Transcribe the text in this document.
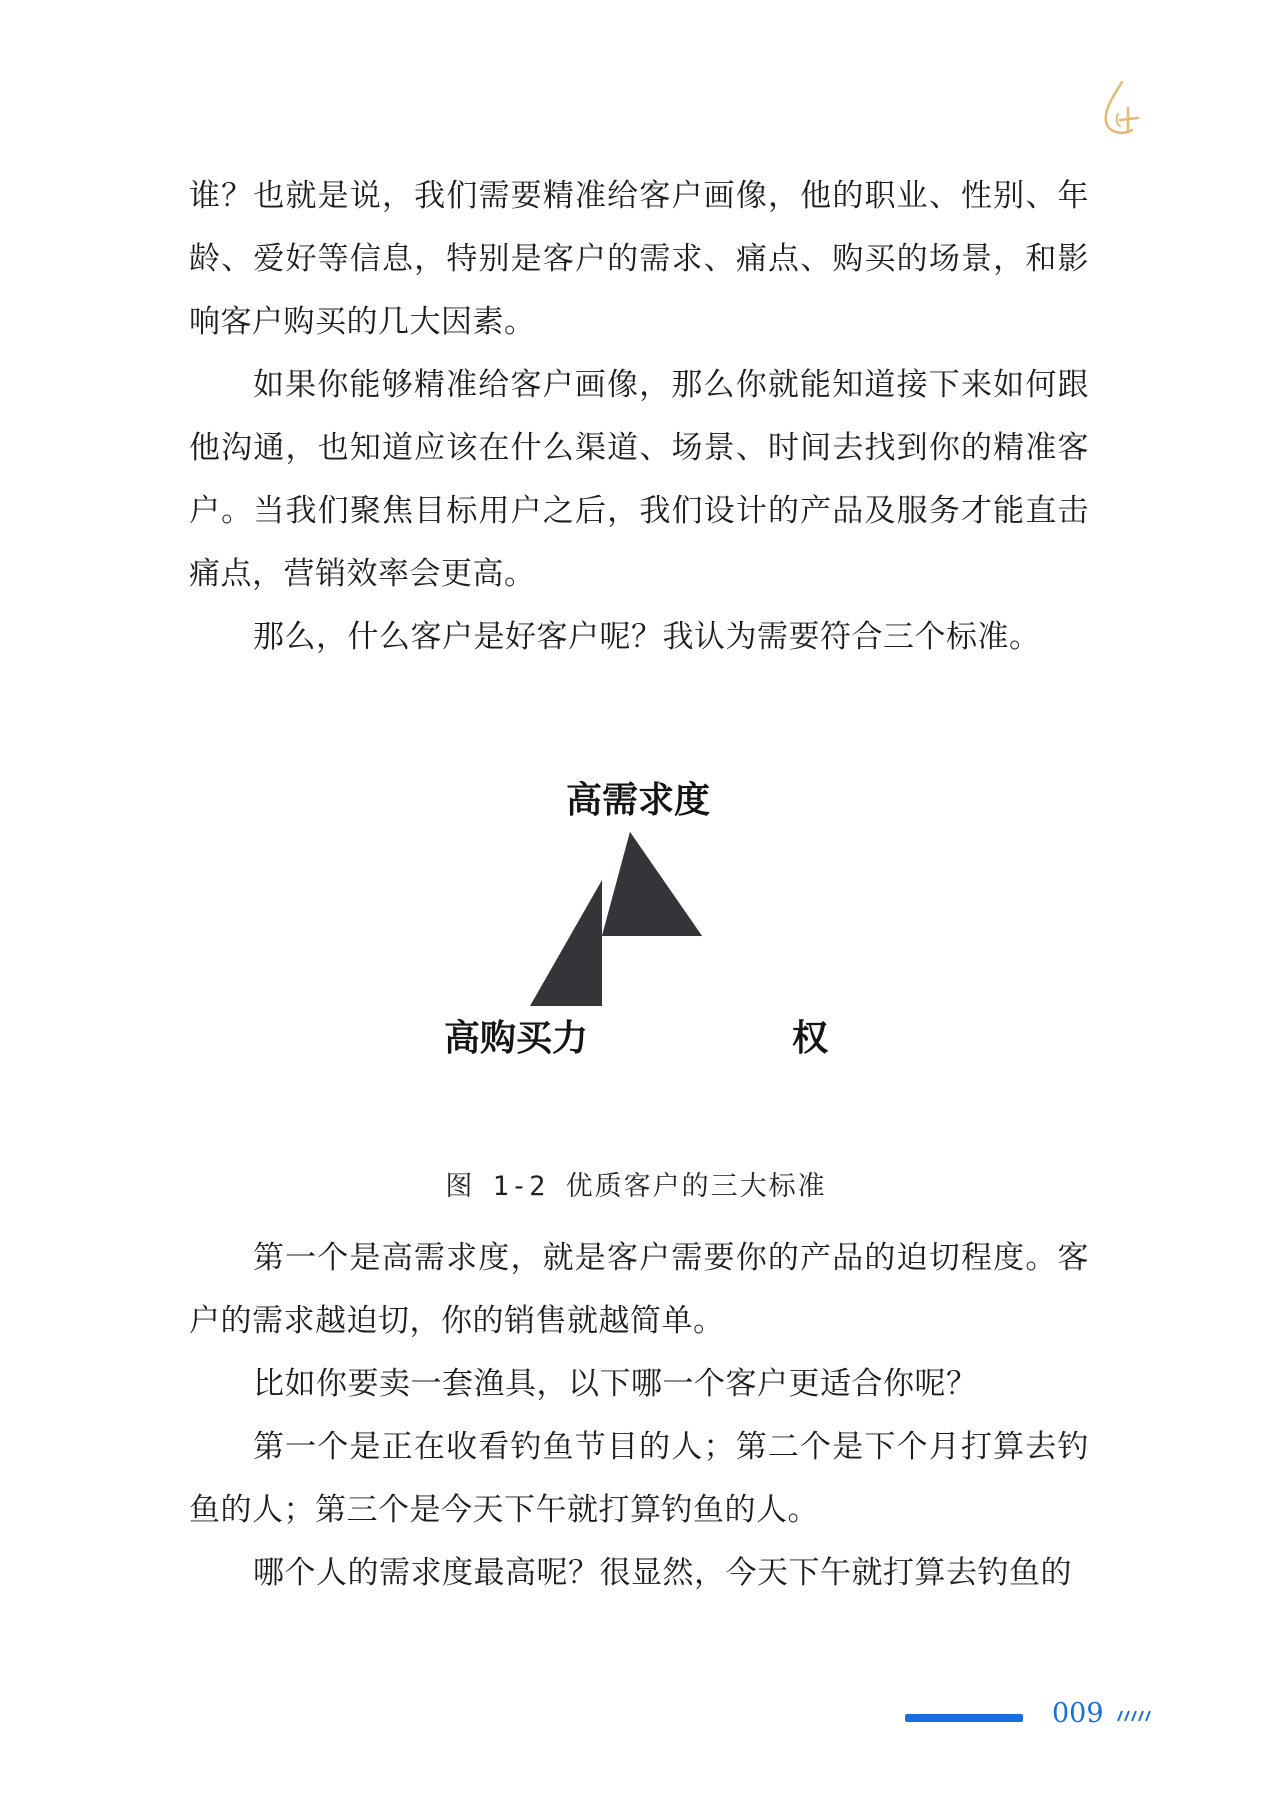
谁？也就是说，我们需要精准给客户画像，他的职业、性别、年龄、爱好等信息，特别是客户的需求、痛点、购买的场景，和影响客户购买的几大因素。

如果你能够精准给客户画像，那么你就能知道接下来如何跟他沟通，也知道应该在什么渠道、场景、时间去找到你的精准客户。当我们聚焦目标用户之后，我们设计的产品及服务才能直击痛点，营销效率会更高。

那么，什么客户是好客户呢？我认为需要符合三个标准。

高需求度
高购买力	权
图 1-2 优质客户的三大标准

第一个是高需求度，就是客户需要你的产品的迫切程度。客户的需求越迫切，你的销售就越简单。

比如你要卖一套渔具，以下哪一个客户更适合你呢？

第一个是正在收看钓鱼节目的人；第二个是下个月打算去钓鱼的人；第三个是今天下午就打算钓鱼的人。

哪个人的需求度最高呢？很显然，今天下午就打算去钓鱼的

009
